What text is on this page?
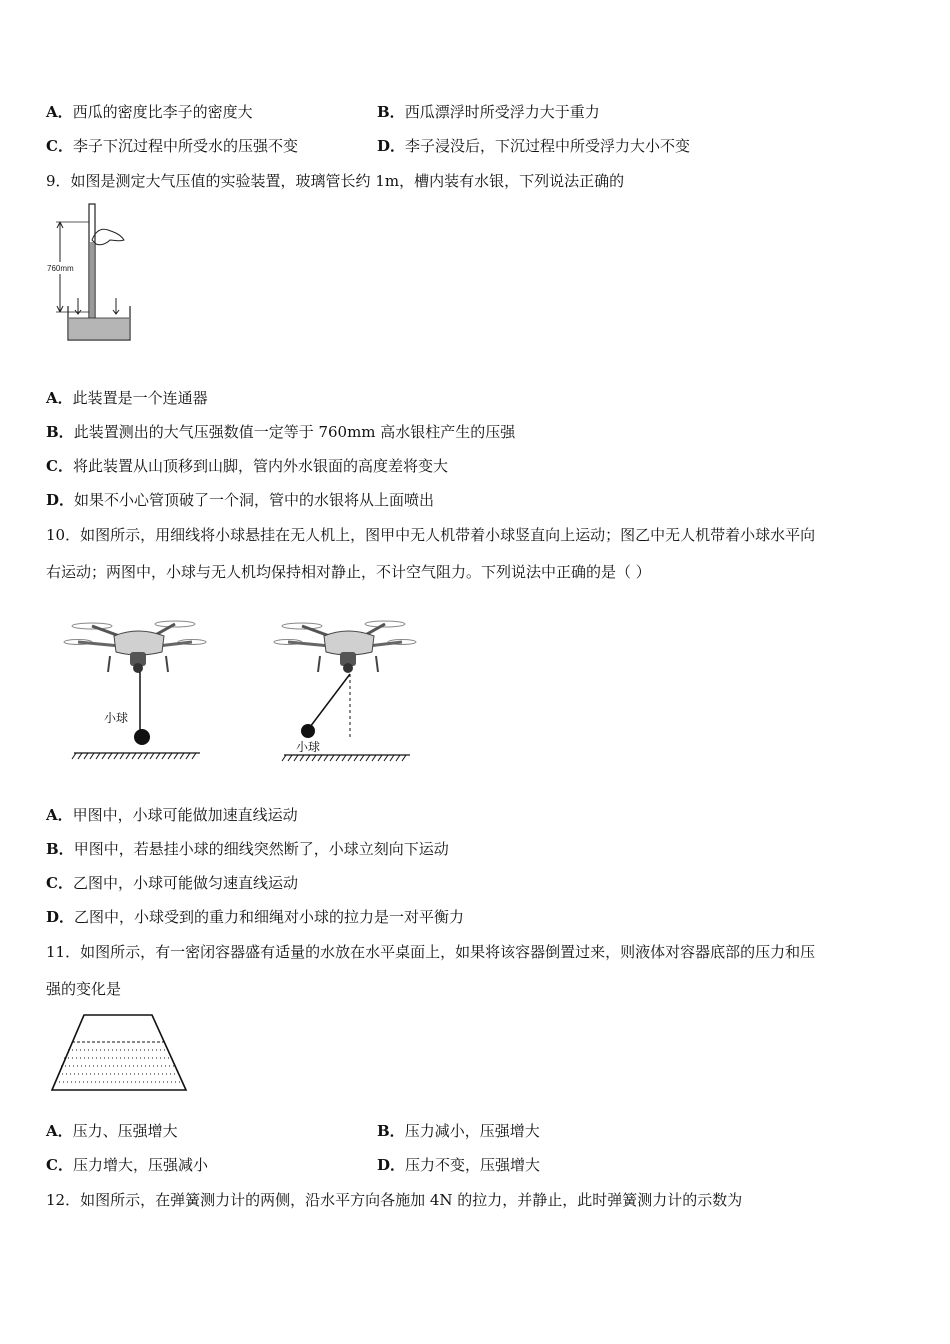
A．西瓜的密度比李子的密度大	B．西瓜漂浮时所受浮力大于重力
C．李子下沉过程中所受水的压强不变	D．李子浸没后，下沉过程中所受浮力大小不变
9．如图是测定大气压值的实验装置，玻璃管长约 1m，槽内装有水银，下列说法正确的
760mm
A．此装置是一个连通器
B．此装置测出的大气压强数值一定等于 760mm 高水银柱产生的压强
C．将此装置从山顶移到山脚，管内外水银面的高度差将变大
D．如果不小心管顶破了一个洞，管中的水银将从上面喷出
10．如图所示，用细线将小球悬挂在无人机上，图甲中无人机带着小球竖直向上运动；图乙中无人机带着小球水平向
右运动；两图中，小球与无人机均保持相对静止，不计空气阻力。下列说法中正确的是（ ）
小球
小球
A．甲图中，小球可能做加速直线运动
B．甲图中，若悬挂小球的细线突然断了，小球立刻向下运动
C．乙图中，小球可能做匀速直线运动
D．乙图中，小球受到的重力和细绳对小球的拉力是一对平衡力
11．如图所示，有一密闭容器盛有适量的水放在水平桌面上，如果将该容器倒置过来，则液体对容器底部的压力和压
强的变化是
A．压力、压强增大	B．压力减小，压强增大
C．压力增大，压强减小	D．压力不变，压强增大
12．如图所示，在弹簧测力计的两侧，沿水平方向各施加 4N 的拉力，并静止，此时弹簧测力计的示数为
